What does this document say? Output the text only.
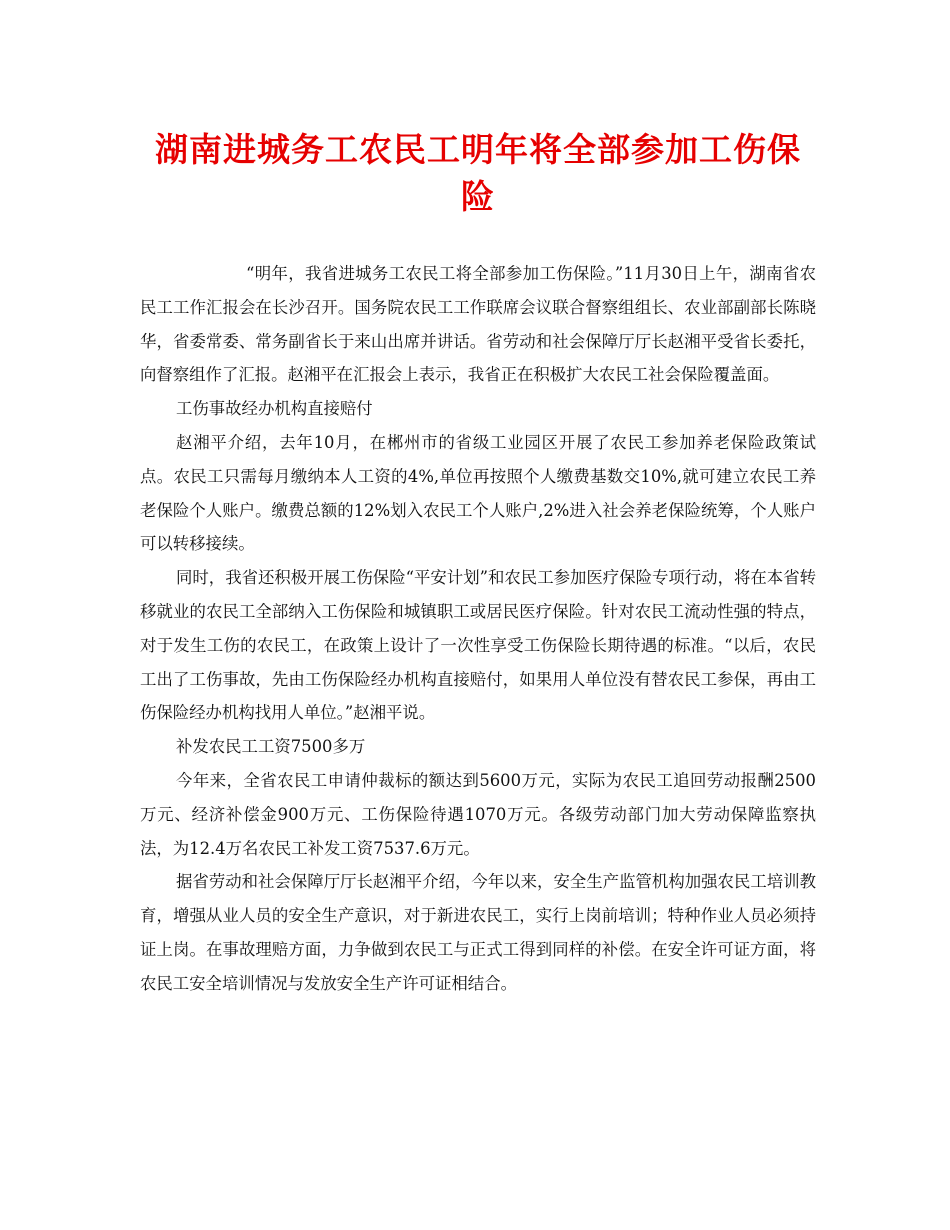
湖南进城务工农民工明年将全部参加工伤保险

“明年，我省进城务工农民工将全部参加工伤保险。”11月30日上午，湖南省农民工工作汇报会在长沙召开。国务院农民工工作联席会议联合督察组组长、农业部副部长陈晓华，省委常委、常务副省长于来山出席并讲话。省劳动和社会保障厅厅长赵湘平受省长委托，向督察组作了汇报。赵湘平在汇报会上表示，我省正在积极扩大农民工社会保险覆盖面。

工伤事故经办机构直接赔付

赵湘平介绍，去年10月，在郴州市的省级工业园区开展了农民工参加养老保险政策试点。农民工只需每月缴纳本人工资的4%,单位再按照个人缴费基数交10%,就可建立农民工养老保险个人账户。缴费总额的12%划入农民工个人账户,2%进入社会养老保险统筹，个人账户可以转移接续。

同时，我省还积极开展工伤保险“平安计划”和农民工参加医疗保险专项行动，将在本省转移就业的农民工全部纳入工伤保险和城镇职工或居民医疗保险。针对农民工流动性强的特点，对于发生工伤的农民工，在政策上设计了一次性享受工伤保险长期待遇的标准。“以后，农民工出了工伤事故，先由工伤保险经办机构直接赔付，如果用人单位没有替农民工参保，再由工伤保险经办机构找用人单位。”赵湘平说。

补发农民工工资7500多万

今年来，全省农民工申请仲裁标的额达到5600万元，实际为农民工追回劳动报酬2500万元、经济补偿金900万元、工伤保险待遇1070万元。各级劳动部门加大劳动保障监察执法，为12.4万名农民工补发工资7537.6万元。

据省劳动和社会保障厅厅长赵湘平介绍，今年以来，安全生产监管机构加强农民工培训教育，增强从业人员的安全生产意识，对于新进农民工，实行上岗前培训；特种作业人员必须持证上岗。在事故理赔方面，力争做到农民工与正式工得到同样的补偿。在安全许可证方面，将农民工安全培训情况与发放安全生产许可证相结合。
